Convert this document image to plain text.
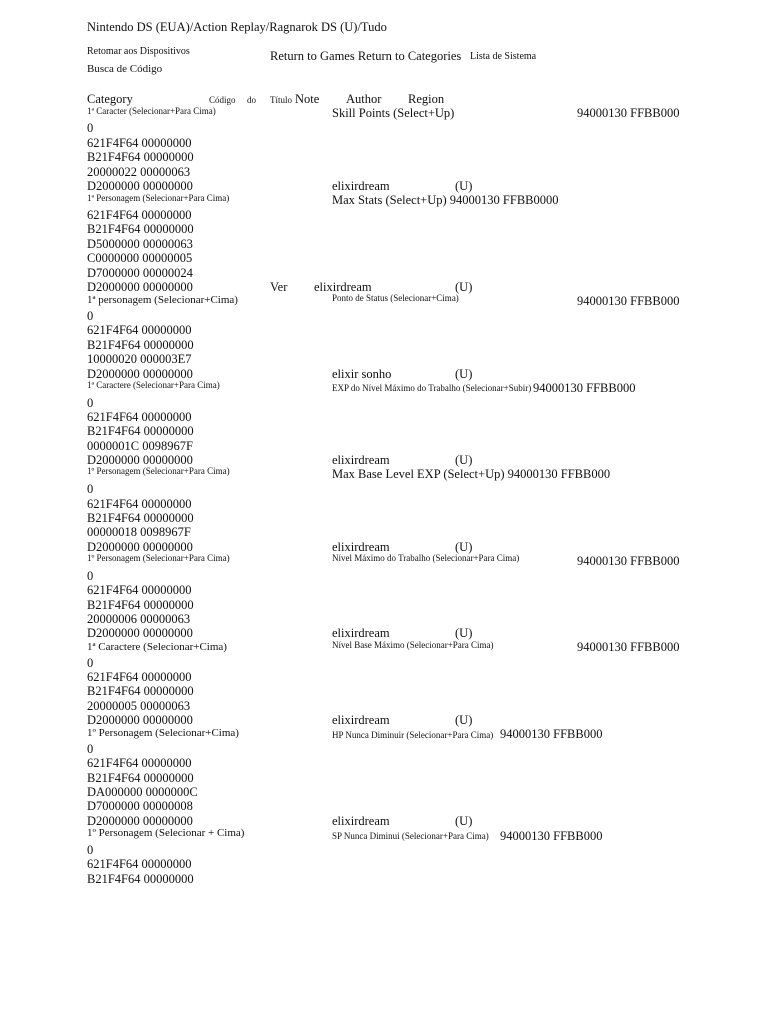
Nintendo DS (EUA)/Action Replay/Ragnarok DS (U)/Tudo
Retomar aos Dispositivos
Busca de Código
Return to Games Return to Categories Lista de Sistema
Category	Código do Título Note Author Region
1ª Caracter (Selecionar+Para Cima)	Skill Points (Select+Up)	94000130 FFBB000
0
621F4F64 00000000
B21F4F64 00000000
20000022 00000063
D2000000 00000000	elixirdream	(U)
1ª Personagem (Selecionar+Para Cima)	Max Stats (Select+Up) 94000130 FFBB0000
621F4F64 00000000
B21F4F64 00000000
D5000000 00000063
C0000000 00000005
D7000000 00000024
D2000000 00000000	Ver elixirdream	(U)
1ª personagem (Selecionar+Cima)	Ponto de Status (Selecionar+Cima)	94000130 FFBB000
0
621F4F64 00000000
B21F4F64 00000000
10000020 000003E7
D2000000 00000000	elixir sonho	(U)
1ª Caractere (Selecionar+Para Cima)	EXP do Nível Máximo do Trabalho (Selecionar+Subir) 94000130 FFBB000
0
621F4F64 00000000
B21F4F64 00000000
0000001C 0098967F
D2000000 00000000	elixirdream	(U)
1º Personagem (Selecionar+Para Cima)	Max Base Level EXP (Select+Up) 94000130 FFBB000
0
621F4F64 00000000
B21F4F64 00000000
00000018 0098967F
D2000000 00000000	elixirdream	(U)
1º Personagem (Selecionar+Para Cima)	Nível Máximo do Trabalho (Selecionar+Para Cima)	94000130 FFBB000
0
621F4F64 00000000
B21F4F64 00000000
20000006 00000063
D2000000 00000000	elixirdream	(U)
1ª Caractere (Selecionar+Cima)	Nível Base Máximo (Selecionar+Para Cima)	94000130 FFBB000
0
621F4F64 00000000
B21F4F64 00000000
20000005 00000063
D2000000 00000000	elixirdream	(U)
1º Personagem (Selecionar+Cima)	HP Nunca Diminuir (Selecionar+Para Cima) 94000130 FFBB000
0
621F4F64 00000000
B21F4F64 00000000
DA000000 0000000C
D7000000 00000008
D2000000 00000000	elixirdream	(U)
1º Personagem (Selecionar + Cima)	SP Nunca Diminui (Selecionar+Para Cima) 94000130 FFBB000
0
621F4F64 00000000
B21F4F64 00000000
